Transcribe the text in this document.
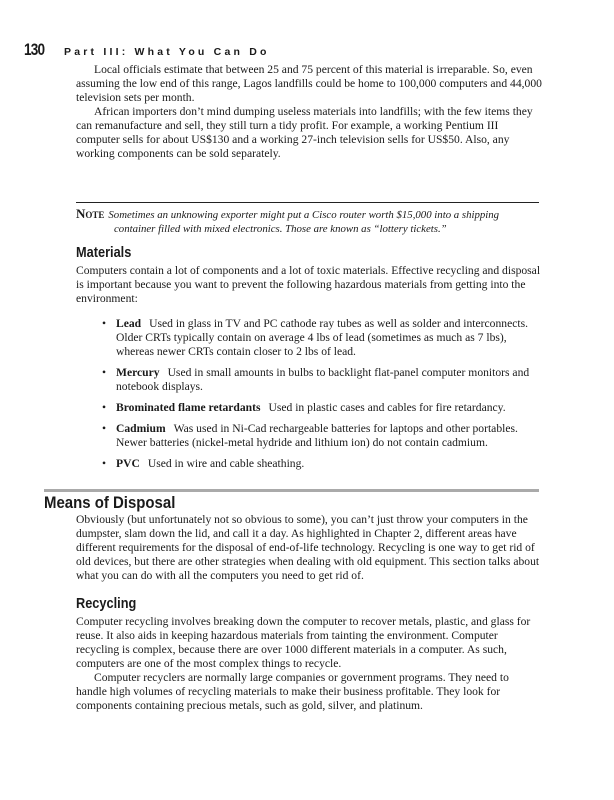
130	Part III: What You Can Do

Local officials estimate that between 25 and 75 percent of this material is irreparable. So, even assuming the low end of this range, Lagos landfills could be home to 100,000 computers and 44,000 television sets per month.

African importers don’t mind dumping useless materials into landfills; with the few items they can remanufacture and sell, they still turn a tidy profit. For example, a working Pentium III computer sells for about US$130 and a working 27-inch television sells for US$50. Also, any working components can be sold separately.

Note Sometimes an unknowing exporter might put a Cisco router worth $15,000 into a shipping container filled with mixed electronics. Those are known as “lottery tickets.”
Materials

Computers contain a lot of components and a lot of toxic materials. Effective recycling and disposal is important because you want to prevent the following hazardous materials from getting into the environment:

• Lead Used in glass in TV and PC cathode ray tubes as well as solder and interconnects. Older CRTs typically contain on average 4 lbs of lead (sometimes as much as 7 lbs), whereas newer CRTs contain closer to 2 lbs of lead.
• Mercury Used in small amounts in bulbs to backlight flat-panel computer monitors and notebook displays.
• Brominated flame retardants Used in plastic cases and cables for fire retardancy.
• Cadmium Was used in Ni-Cad rechargeable batteries for laptops and other portables. Newer batteries (nickel-metal hydride and lithium ion) do not contain cadmium.
• PVC Used in wire and cable sheathing.
Means of Disposal

Obviously (but unfortunately not so obvious to some), you can’t just throw your computers in the dumpster, slam down the lid, and call it a day. As highlighted in Chapter 2, different areas have different requirements for the disposal of end-of-life technology. Recycling is one way to get rid of old devices, but there are other strategies when dealing with old equipment. This section talks about what you can do with all the computers you need to get rid of.

Recycling

Computer recycling involves breaking down the computer to recover metals, plastic, and glass for reuse. It also aids in keeping hazardous materials from tainting the environment. Computer recycling is complex, because there are over 1000 different materials in a computer. As such, computers are one of the most complex things to recycle.

Computer recyclers are normally large companies or government programs. They need to handle high volumes of recycling materials to make their business profitable. They look for components containing precious metals, such as gold, silver, and platinum.
